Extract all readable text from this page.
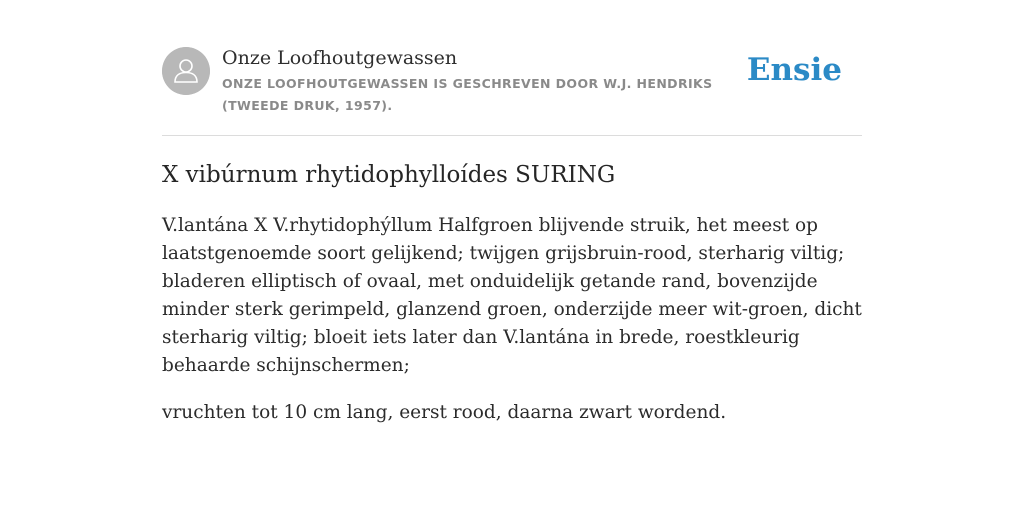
Onze Loofhoutgewassen
ONZE LOOFHOUTGEWASSEN IS GESCHREVEN DOOR W.J. HENDRIKS (TWEEDE DRUK, 1957).
Ensie
X vibúrnum rhytidophylloídes SURING

V.lantána X V.rhytidophýllum Halfgroen blijvende struik, het meest op laatstgenoemde soort gelijkend; twijgen grijsbruin-rood, sterharig viltig; bladeren elliptisch of ovaal, met onduidelijk getande rand, bovenzijde minder sterk gerimpeld, glanzend groen, onderzijde meer wit-groen, dicht sterharig viltig; bloeit iets later dan V.lantána in brede, roestkleurig behaarde schijnschermen;

vruchten tot 10 cm lang, eerst rood, daarna zwart wordend.
